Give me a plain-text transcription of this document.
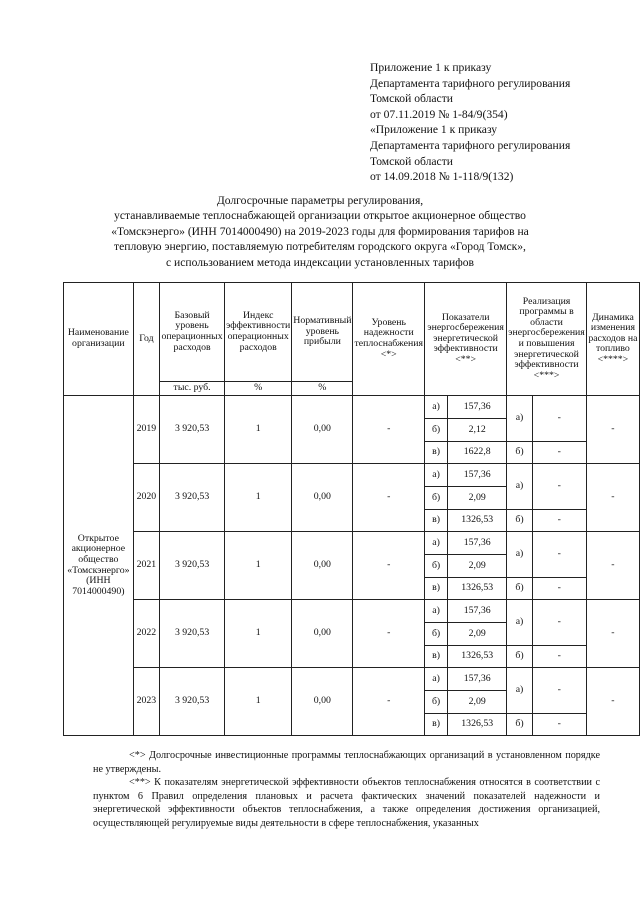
Приложение 1 к приказу
Департамента тарифного регулирования
Томской области
от 07.11.2019 № 1-84/9(354)
«Приложение 1 к приказу
Департамента тарифного регулирования
Томской области
от 14.09.2018 № 1-118/9(132)
Долгосрочные параметры регулирования,
устанавливаемые теплоснабжающей организации открытое акционерное общество
«Томскэнерго» (ИНН 7014000490) на 2019-2023 годы для формирования тарифов на
тепловую энергию, поставляемую потребителям городского округа «Город Томск»,
с использованием метода индексации установленных тарифов
Наименование организации	Год	Базовый уровень операционных расходов	Индекс эффективности операционных расходов	Нормативный уровень прибыли	Уровень надежности теплоснабжения <*>	Показатели энергосбережения энергетической эффективности <**>		Реализация программы в области энергосбережения и повышения энергетической эффективности <***>		Динамика изменения расходов на топливо <****>
		тыс. руб.	%	%						
Открытое акционерное общество «Томскэнерго» (ИНН 7014000490)	2019	3 920,53	1	0,00	-	а)	157,36	а)	-	-
						б)	2,12			
						в)	1622,8	б)	-	
	2020	3 920,53	1	0,00	-	а)	157,36	а)	-	-
						б)	2,09			
						в)	1326,53	б)	-	
	2021	3 920,53	1	0,00	-	а)	157,36	а)	-	-
						б)	2,09			
						в)	1326,53	б)	-	
	2022	3 920,53	1	0,00	-	а)	157,36	а)	-	-
						б)	2,09			
						в)	1326,53	б)	-	
	2023	3 920,53	1	0,00	-	а)	157,36	а)	-	-
						б)	2,09			
						в)	1326,53	б)	-	

<*> Долгосрочные инвестиционные программы теплоснабжающих организаций в установленном порядке не утверждены.

<**> К показателям энергетической эффективности объектов теплоснабжения относятся в соответствии с пунктом 6 Правил определения плановых и расчета фактических значений показателей надежности и энергетической эффективности объектов теплоснабжения, а также определения достижения организацией, осуществляющей регулируемые виды деятельности в сфере теплоснабжения, указанных
